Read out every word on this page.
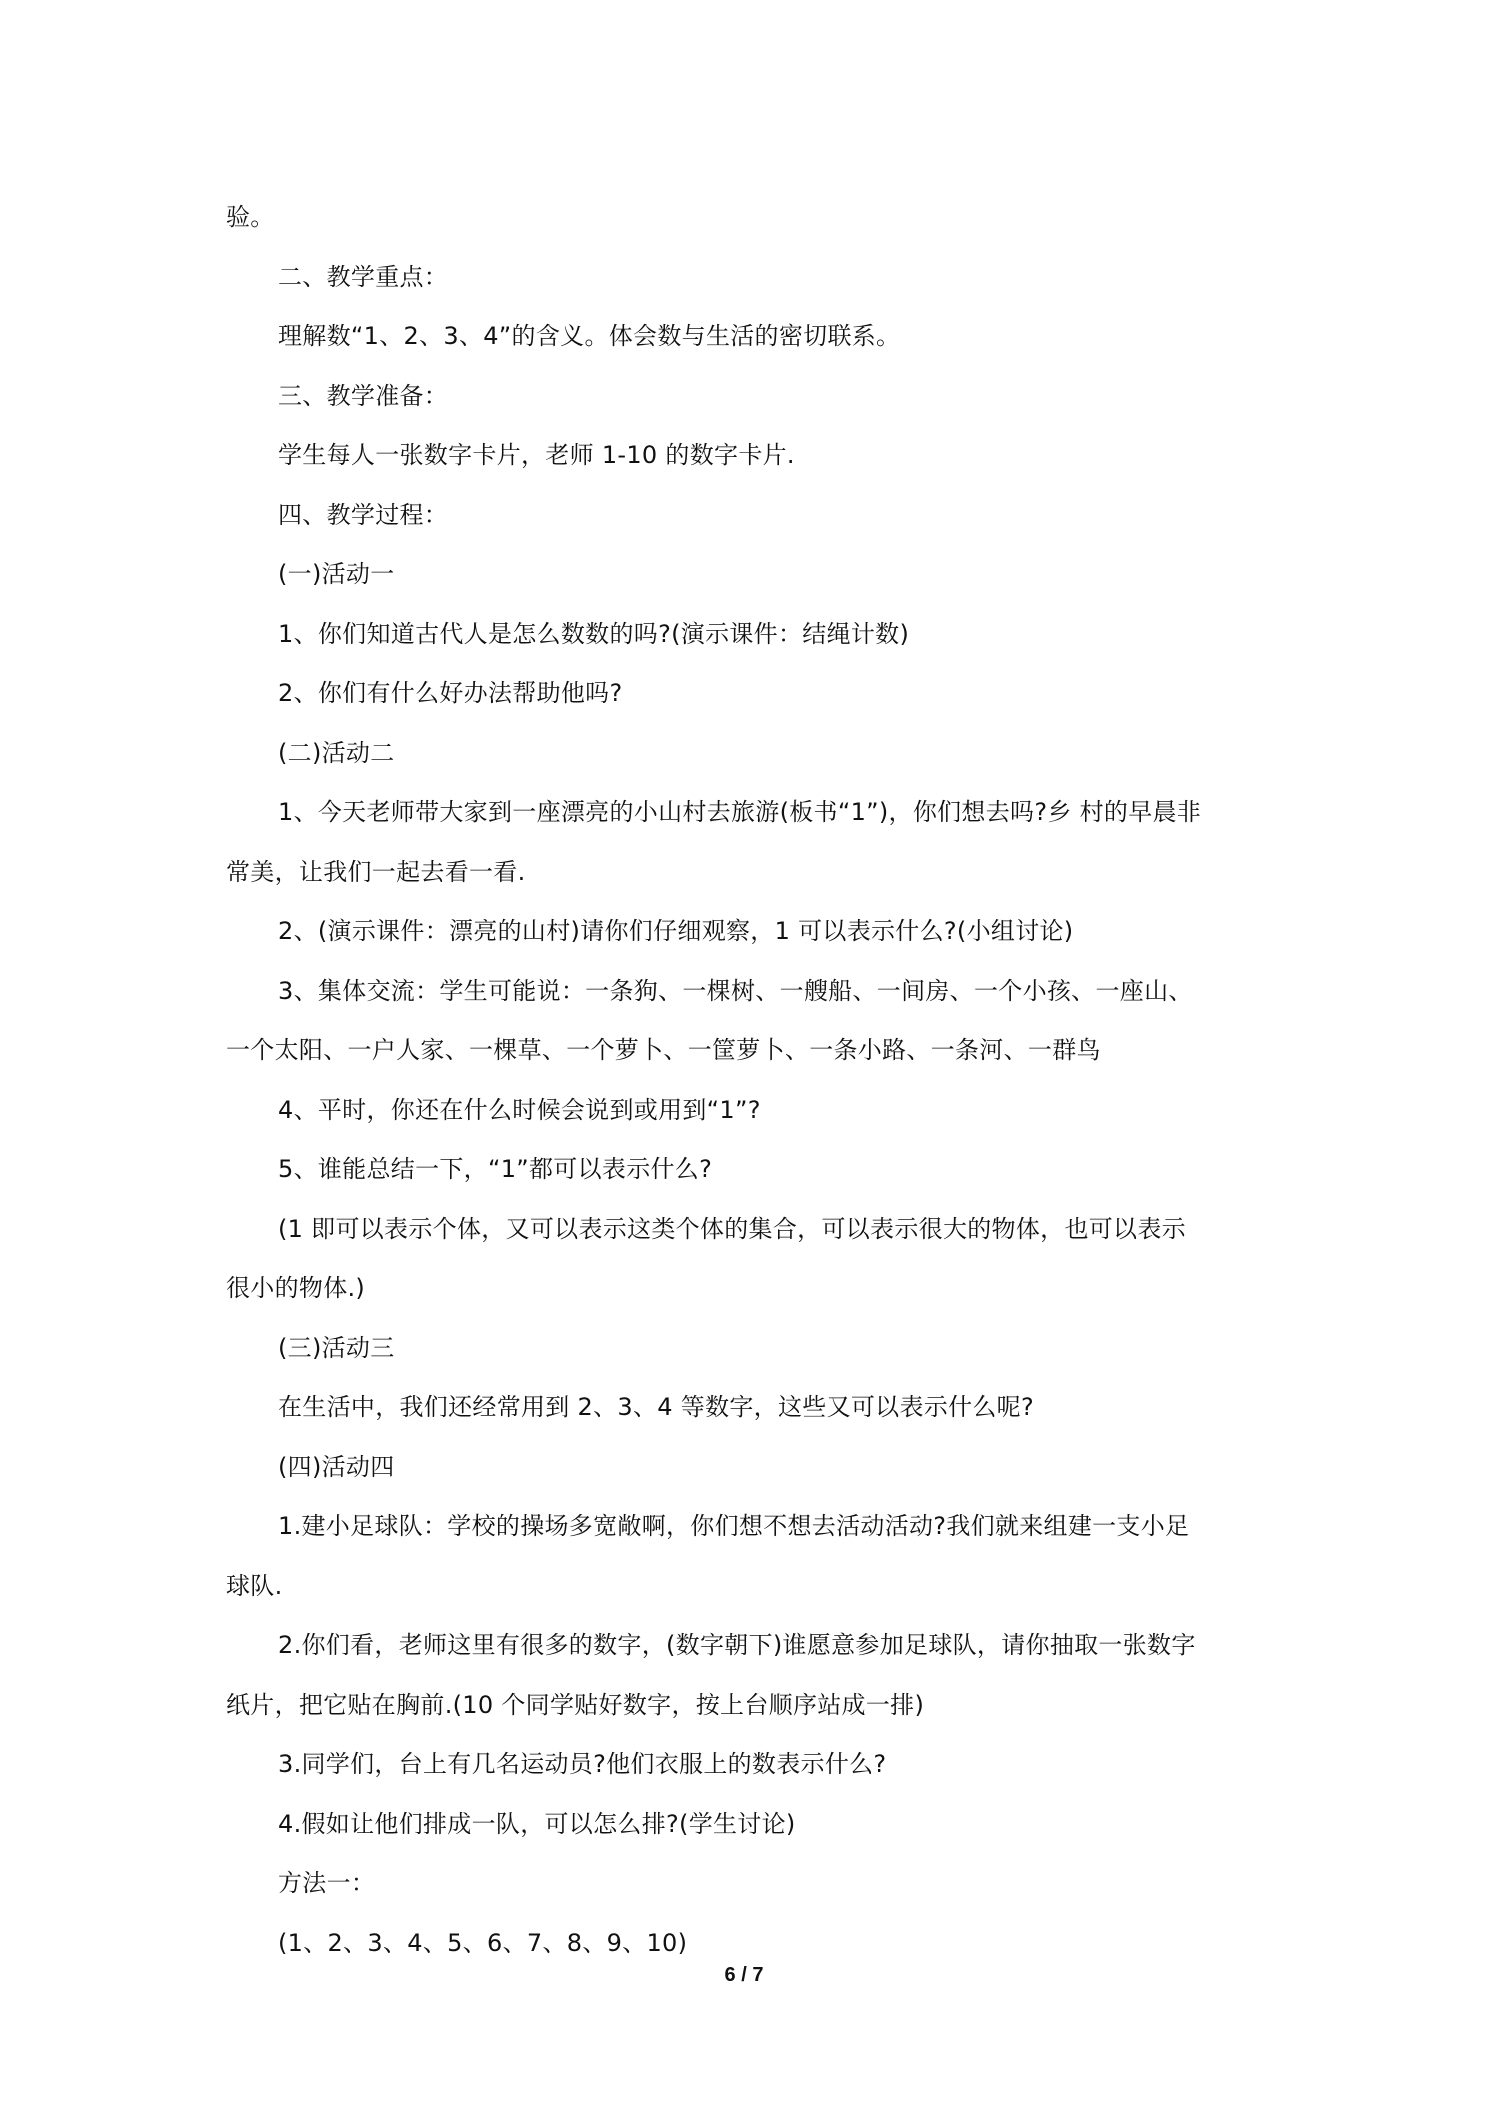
验。

二、教学重点：

理解数“1、2、3、4”的含义。体会数与生活的密切联系。

三、教学准备：

学生每人一张数字卡片，老师 1-10 的数字卡片.

四、教学过程：

(一)活动一

1、你们知道古代人是怎么数数的吗?(演示课件：结绳计数)

2、你们有什么好办法帮助他吗?

(二)活动二

1、今天老师带大家到一座漂亮的小山村去旅游(板书“1”)，你们想去吗?乡 村的早晨非

常美，让我们一起去看一看.

2、(演示课件：漂亮的山村)请你们仔细观察，1 可以表示什么?(小组讨论)

3、集体交流：学生可能说：一条狗、一棵树、一艘船、一间房、一个小孩、一座山、

一个太阳、一户人家、一棵草、一个萝卜、一筐萝卜、一条小路、一条河、一群鸟

4、平时，你还在什么时候会说到或用到“1”?

5、谁能总结一下，“1”都可以表示什么?

(1 即可以表示个体，又可以表示这类个体的集合，可以表示很大的物体，也可以表示

很小的物体.)

(三)活动三

在生活中，我们还经常用到 2、3、4 等数字，这些又可以表示什么呢?

(四)活动四

1.建小足球队：学校的操场多宽敞啊，你们想不想去活动活动?我们就来组建一支小足

球队.

2.你们看，老师这里有很多的数字，(数字朝下)谁愿意参加足球队，请你抽取一张数字

纸片，把它贴在胸前.(10 个同学贴好数字，按上台顺序站成一排)

3.同学们，台上有几名运动员?他们衣服上的数表示什么?

4.假如让他们排成一队，可以怎么排?(学生讨论)

方法一：

(1、2、3、4、5、6、7、8、9、10)

6 / 7
